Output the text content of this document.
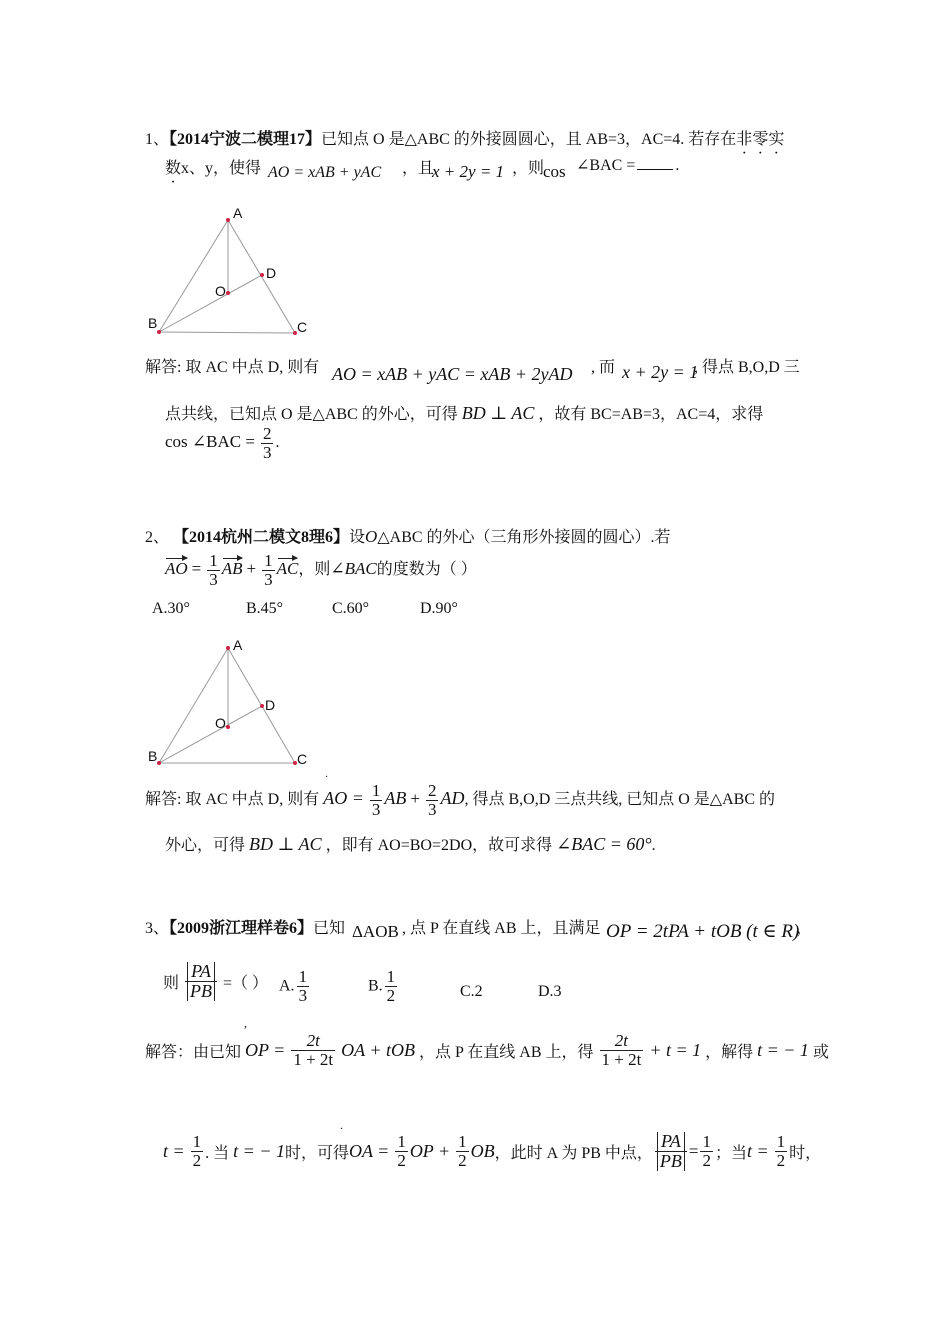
1、【2014宁波二模理17】已知点 O 是△ABC 的外接圆圆心，且 AB=3，AC=4. 若存在非零实
数x、y，使得 AO = xAB + yAC ，且
x + 2y = 1 ，则
cos ∠BAC =	.
A
B	C
D
O
解答: 取 AC 中点 D, 则有 AO = xAB + yAC = xAB + 2yAD , 而 x + 2y = 1
, 得点 B,O,D 三
点共线，已知点 O 是△ABC 的外心，可得 BD ⊥ AC ，故有 BC=AB=3，AC=4，求得
cos ∠BAC = $\frac{2}{3}$ .
2、 【2014杭州二模文8理6】设O△ABC 的外心（三角形外接圆的圆心）.若
AO = $\frac{1}{3}$ AB + $\frac{1}{3}$ AC，则∠BAC的度数为（ ）
A.30°	B.45°	C.60°	D.90°
A
B	C
D
O
.
解答: 取 AC 中点 D, 则有 AO = $\frac{1}{3}$ AB + $\frac{2}{3}$ AD, 得点 B,O,D 三点共线, 已知点 O 是△ABC 的
外心，可得 BD ⊥ AC ，即有 AO=BO=2DO，故可求得 ∠BAC = 60°.
3、【2009浙江理样卷6】已知 ΔAOB , 点 P 在直线 AB 上，且满足 OP = 2tPA + tOB (t ∈ R)
，
则 $\frac{PA}{PB}$ =（ ） A. $\frac{1}{3}$	B. $\frac{1}{2}$	C.2	D.3
,
解答：由已知 OP = $\frac{2t}{1 + 2t}$ OA + tOB ，点 P 在直线 AB 上，得 $\frac{2t}{1 + 2t} + t = 1$ ，解得 t = − 1 或
.
$t = \frac{1}{2}$ . 当 t = − 1时，可得OA = $\frac{1}{2}$ OP + $\frac{1}{2}$ OB，此时 A 为 PB 中点， $\frac{PA}{PB} = \frac{1}{2}$ ；当$t = \frac{1}{2}$ 时，
